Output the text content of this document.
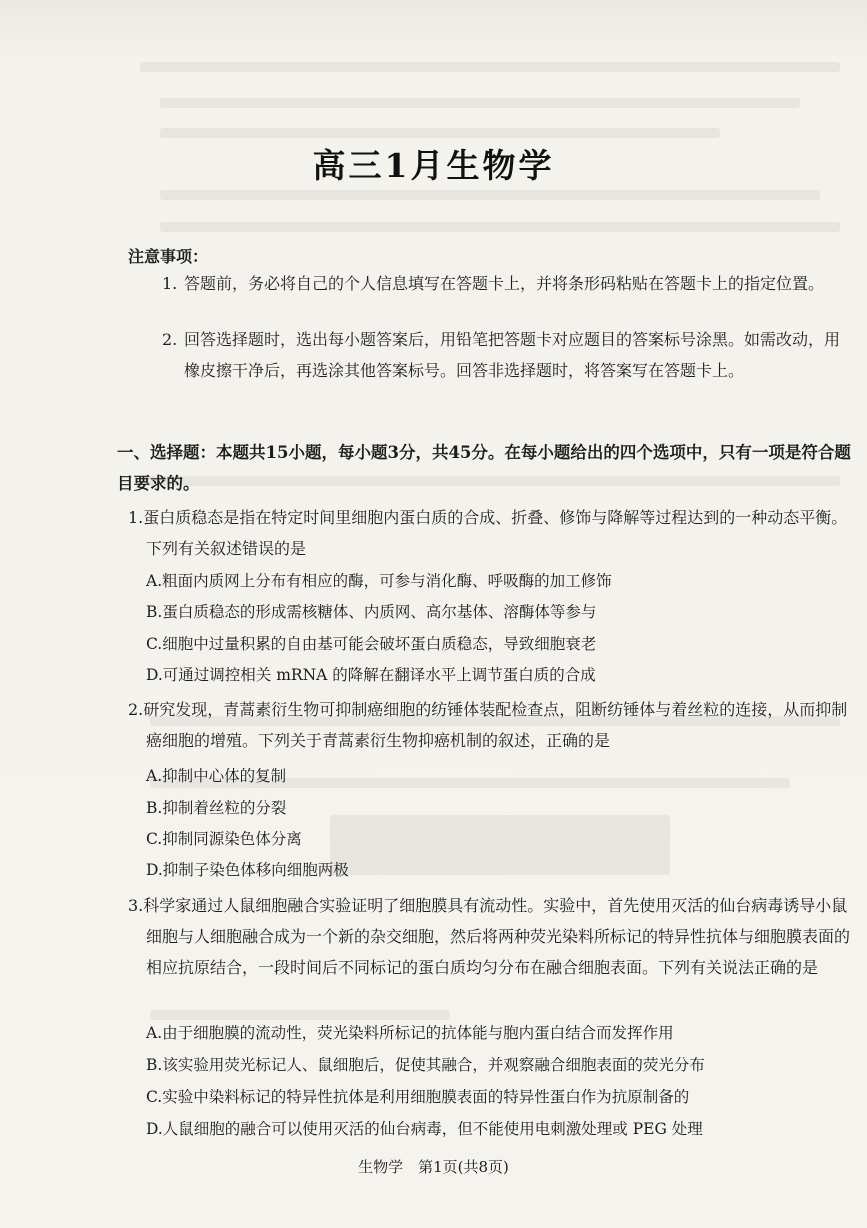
高三1月生物学
注意事项：
1. 答题前，务必将自己的个人信息填写在答题卡上，并将条形码粘贴在答题卡上的指定位置。
2. 回答选择题时，选出每小题答案后，用铅笔把答题卡对应题目的答案标号涂黑。如需改动，用橡皮擦干净后，再选涂其他答案标号。回答非选择题时，将答案写在答题卡上。
一、选择题：本题共15小题，每小题3分，共45分。在每小题给出的四个选项中，只有一项是符合题目要求的。
1.蛋白质稳态是指在特定时间里细胞内蛋白质的合成、折叠、修饰与降解等过程达到的一种动态平衡。下列有关叙述错误的是
A.粗面内质网上分布有相应的酶，可参与消化酶、呼吸酶的加工修饰
B.蛋白质稳态的形成需核糖体、内质网、高尔基体、溶酶体等参与
C.细胞中过量积累的自由基可能会破坏蛋白质稳态，导致细胞衰老
D.可通过调控相关 mRNA 的降解在翻译水平上调节蛋白质的合成
2.研究发现，青蒿素衍生物可抑制癌细胞的纺锤体装配检查点，阻断纺锤体与着丝粒的连接，从而抑制癌细胞的增殖。下列关于青蒿素衍生物抑癌机制的叙述，正确的是
A.抑制中心体的复制
B.抑制着丝粒的分裂
C.抑制同源染色体分离
D.抑制子染色体移向细胞两极
3.科学家通过人鼠细胞融合实验证明了细胞膜具有流动性。实验中，首先使用灭活的仙台病毒诱导小鼠细胞与人细胞融合成为一个新的杂交细胞，然后将两种荧光染料所标记的特异性抗体与细胞膜表面的相应抗原结合，一段时间后不同标记的蛋白质均匀分布在融合细胞表面。下列有关说法正确的是
A.由于细胞膜的流动性，荧光染料所标记的抗体能与胞内蛋白结合而发挥作用
B.该实验用荧光标记人、鼠细胞后，促使其融合，并观察融合细胞表面的荧光分布
C.实验中染料标记的特异性抗体是利用细胞膜表面的特异性蛋白作为抗原制备的
D.人鼠细胞的融合可以使用灭活的仙台病毒，但不能使用电刺激处理或 PEG 处理
生物学　第1页(共8页)
